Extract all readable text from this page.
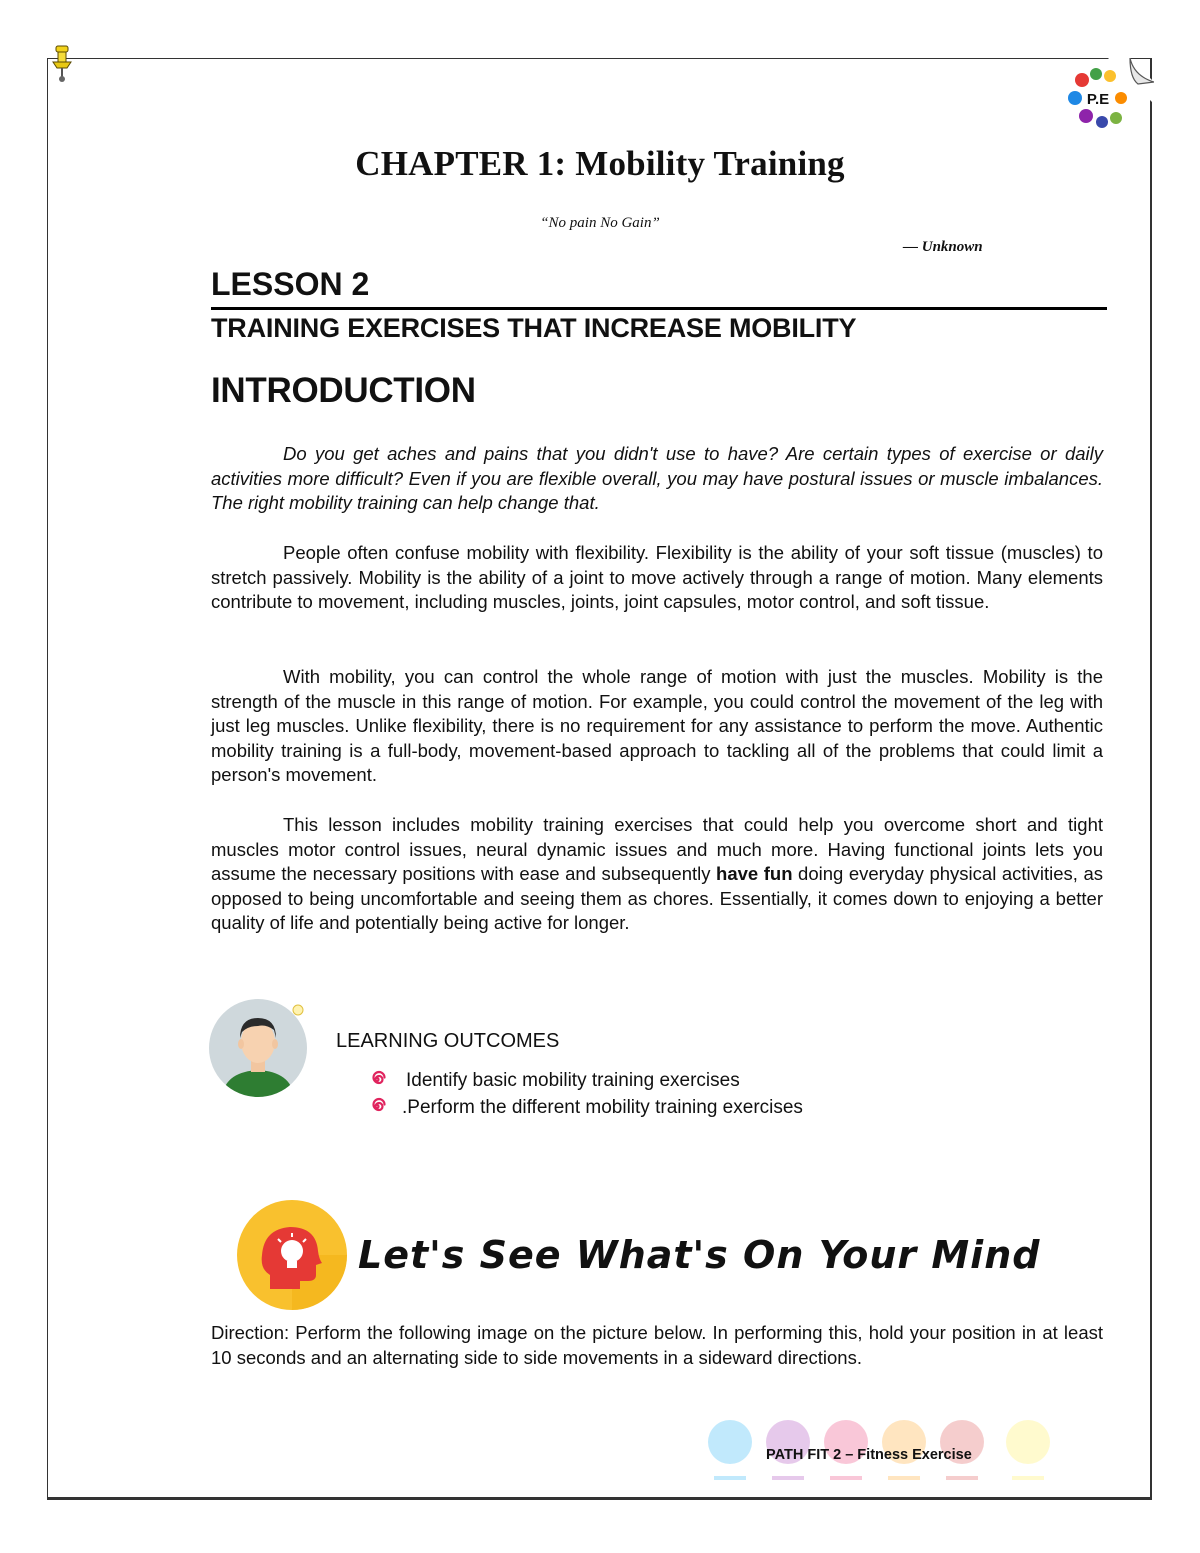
P.E
CHAPTER 1: Mobility Training
“No pain No Gain”
— Unknown
LESSON 2
TRAINING EXERCISES THAT INCREASE MOBILITY
INTRODUCTION

Do you get aches and pains that you didn't use to have? Are certain types of exercise or daily activities more difficult? Even if you are flexible overall, you may have postural issues or muscle imbalances. The right mobility training can help change that.

People often confuse mobility with flexibility. Flexibility is the ability of your soft tissue (muscles) to stretch passively. Mobility is the ability of a joint to move actively through a range of motion. Many elements contribute to movement, including muscles, joints, joint capsules, motor control, and soft tissue.

With mobility, you can control the whole range of motion with just the muscles. Mobility is the strength of the muscle in this range of motion. For example, you could control the movement of the leg with just leg muscles. Unlike flexibility, there is no requirement for any assistance to perform the move. Authentic mobility training is a full-body, movement-based approach to tackling all of the problems that could limit a person's movement.

This lesson includes mobility training exercises that could help you overcome short and tight muscles motor control issues, neural dynamic issues and much more. Having functional joints lets you assume the necessary positions with ease and subsequently have fun doing everyday physical activities, as opposed to being uncomfortable and seeing them as chores. Essentially, it comes down to enjoying a better quality of life and potentially being active for longer.

LEARNING OUTCOMES
Identify basic mobility training exercises
.Perform the different mobility training exercises
Let's See What's On Your Mind

Direction: Perform the following image on the picture below. In performing this, hold your position in at least 10 seconds and an alternating side to side movements in a sideward directions.

PATH FIT 2 – Fitness Exercise
